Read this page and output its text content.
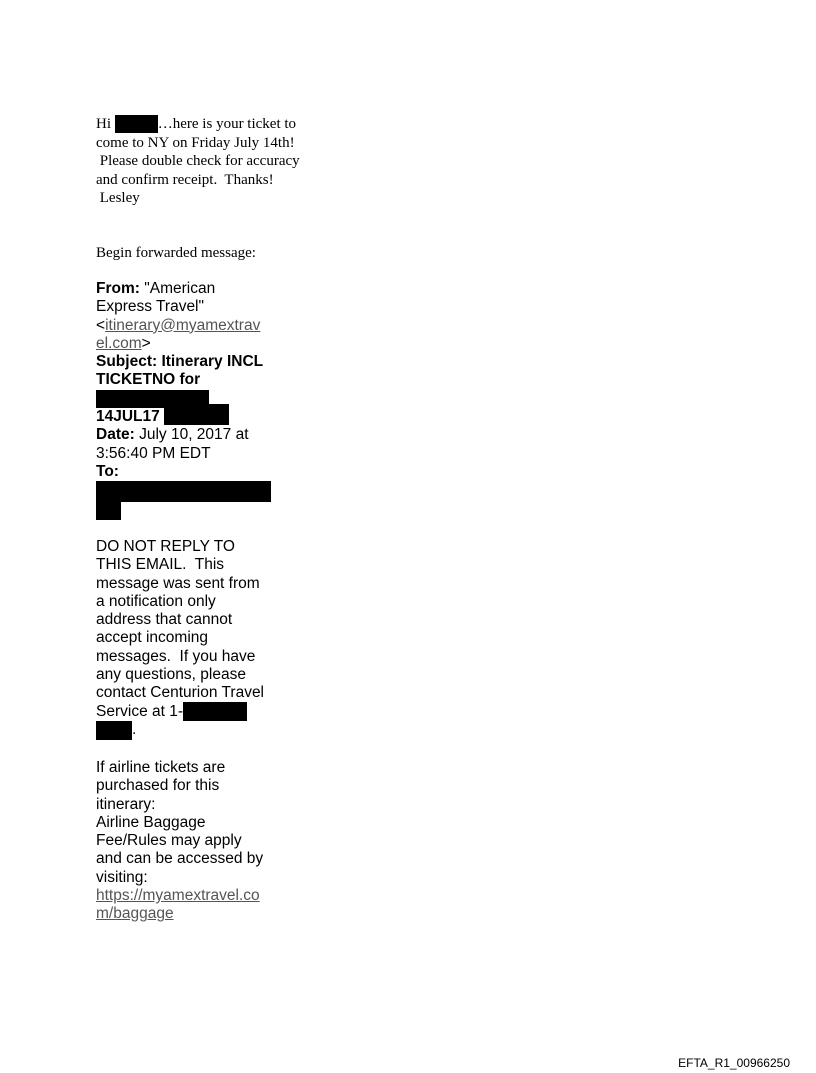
Hi	…here is your ticket to
come to NY on Friday July 14th!
Please double check for accuracy
and confirm receipt.  Thanks!
Lesley
Begin forwarded message:
From: "American
Express Travel"
<itinerary@myamextrav
el.com>
Subject: Itinerary INCL
TICKETNO for
14JUL17
Date: July 10, 2017 at
3:56:40 PM EDT
To:
DO NOT REPLY TO
THIS EMAIL.  This
message was sent from
a notification only
address that cannot
accept incoming
messages.  If you have
any questions, please
contact Centurion Travel
Service at 1-
.
If airline tickets are
purchased for this
itinerary:
Airline Baggage
Fee/Rules may apply
and can be accessed by
visiting:
https://myamextravel.co
m/baggage
EFTA_R1_00966250
